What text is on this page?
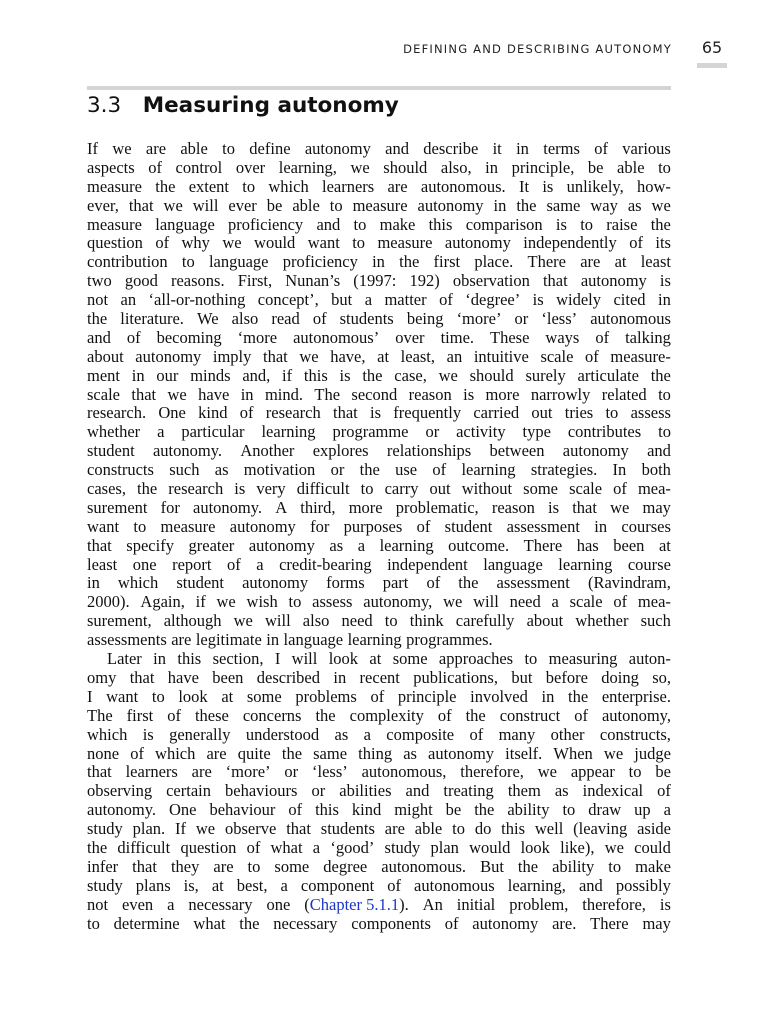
DEFINING AND DESCRIBING AUTONOMY	65
3.3 Measuring autonomy
If we are able to define autonomy and describe it in terms of various
aspects of control over learning, we should also, in principle, be able to
measure the extent to which learners are autonomous. It is unlikely, how-
ever, that we will ever be able to measure autonomy in the same way as we
measure language proficiency and to make this comparison is to raise the
question of why we would want to measure autonomy independently of its
contribution to language proficiency in the first place. There are at least
two good reasons. First, Nunan’s (1997: 192) observation that autonomy is
not an ‘all-or-nothing concept’, but a matter of ‘degree’ is widely cited in
the literature. We also read of students being ‘more’ or ‘less’ autonomous
and of becoming ‘more autonomous’ over time. These ways of talking
about autonomy imply that we have, at least, an intuitive scale of measure-
ment in our minds and, if this is the case, we should surely articulate the
scale that we have in mind. The second reason is more narrowly related to
research. One kind of research that is frequently carried out tries to assess
whether a particular learning programme or activity type contributes to
student autonomy. Another explores relationships between autonomy and
constructs such as motivation or the use of learning strategies. In both
cases, the research is very difficult to carry out without some scale of mea-
surement for autonomy. A third, more problematic, reason is that we may
want to measure autonomy for purposes of student assessment in courses
that specify greater autonomy as a learning outcome. There has been at
least one report of a credit-bearing independent language learning course
in which student autonomy forms part of the assessment (Ravindram,
2000). Again, if we wish to assess autonomy, we will need a scale of mea-
surement, although we will also need to think carefully about whether such
assessments are legitimate in language learning programmes.
Later in this section, I will look at some approaches to measuring auton-
omy that have been described in recent publications, but before doing so,
I want to look at some problems of principle involved in the enterprise.
The first of these concerns the complexity of the construct of autonomy,
which is generally understood as a composite of many other constructs,
none of which are quite the same thing as autonomy itself. When we judge
that learners are ‘more’ or ‘less’ autonomous, therefore, we appear to be
observing certain behaviours or abilities and treating them as indexical of
autonomy. One behaviour of this kind might be the ability to draw up a
study plan. If we observe that students are able to do this well (leaving aside
the difficult question of what a ‘good’ study plan would look like), we could
infer that they are to some degree autonomous. But the ability to make
study plans is, at best, a component of autonomous learning, and possibly
not even a necessary one (Chapter 5.1.1). An initial problem, therefore, is
to determine what the necessary components of autonomy are. There may
